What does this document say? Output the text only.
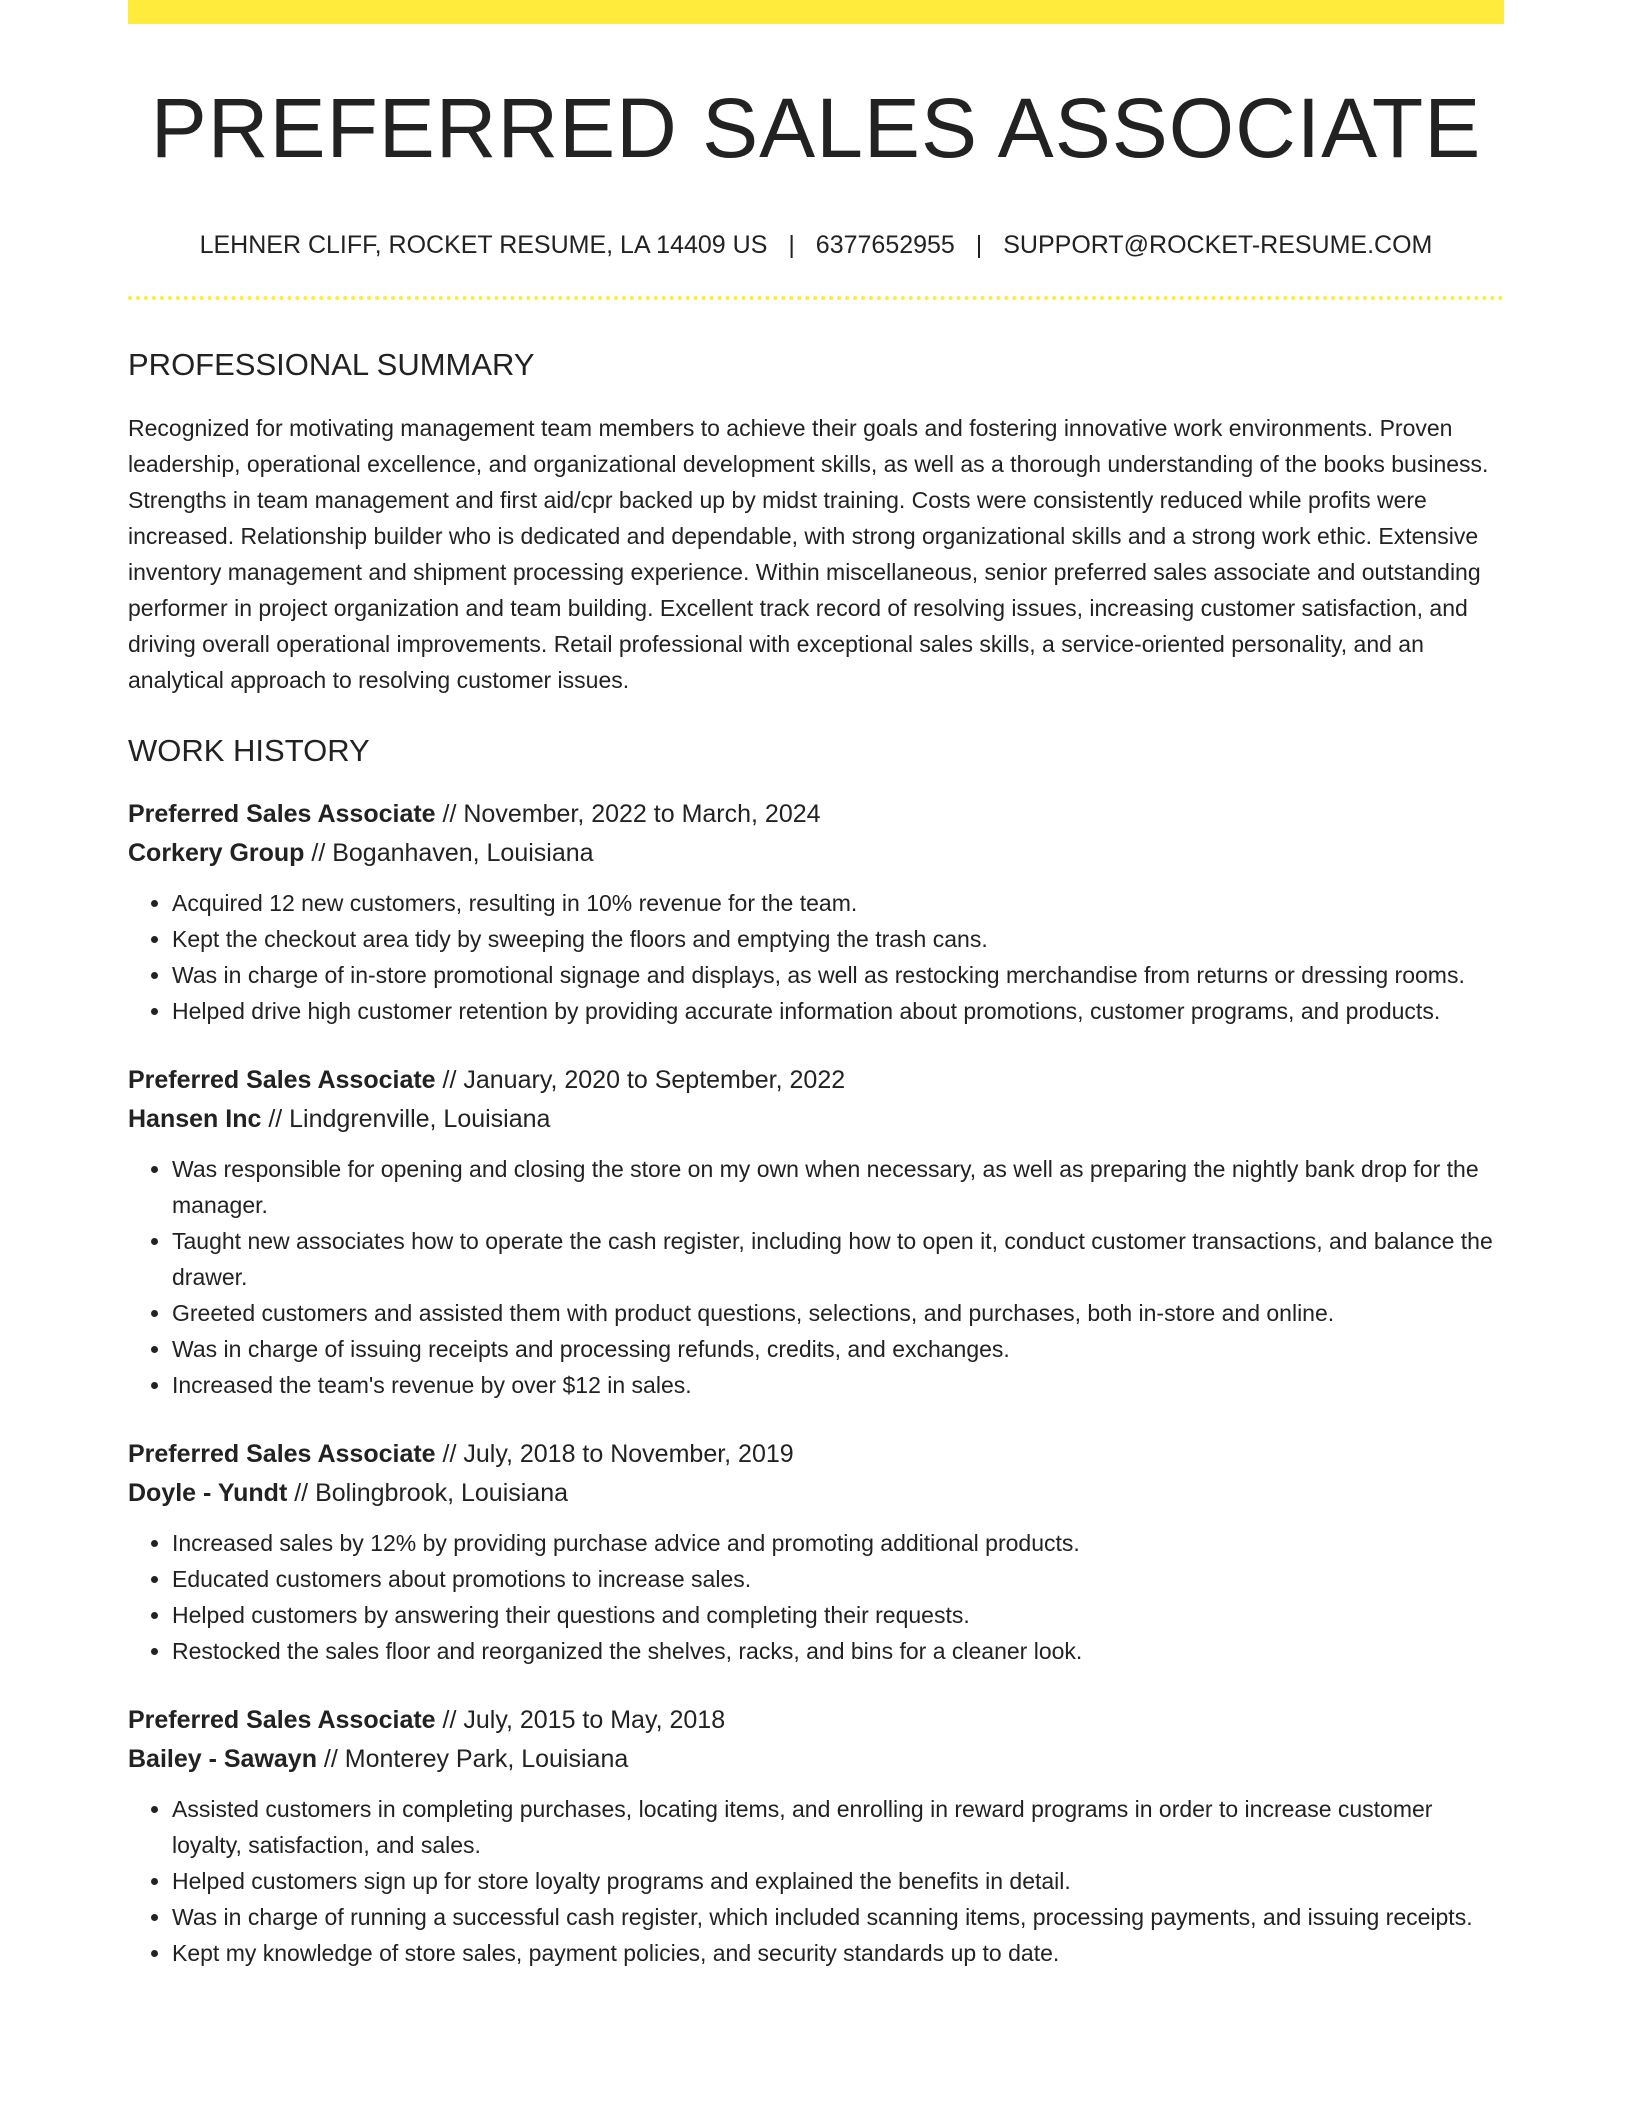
PREFERRED SALES ASSOCIATE
LEHNER CLIFF, ROCKET RESUME, LA 14409 US | 6377652955 | SUPPORT@ROCKET-RESUME.COM
PROFESSIONAL SUMMARY

Recognized for motivating management team members to achieve their goals and fostering innovative work environments. Proven leadership, operational excellence, and organizational development skills, as well as a thorough understanding of the books business. Strengths in team management and first aid/cpr backed up by midst training. Costs were consistently reduced while profits were increased. Relationship builder who is dedicated and dependable, with strong organizational skills and a strong work ethic. Extensive inventory management and shipment processing experience. Within miscellaneous, senior preferred sales associate and outstanding performer in project organization and team building. Excellent track record of resolving issues, increasing customer satisfaction, and driving overall operational improvements. Retail professional with exceptional sales skills, a service-oriented personality, and an analytical approach to resolving customer issues.

WORK HISTORY
Preferred Sales Associate // November, 2022 to March, 2024
Corkery Group // Boganhaven, Louisiana
• Acquired 12 new customers, resulting in 10% revenue for the team.
• Kept the checkout area tidy by sweeping the floors and emptying the trash cans.
• Was in charge of in-store promotional signage and displays, as well as restocking merchandise from returns or dressing rooms.
• Helped drive high customer retention by providing accurate information about promotions, customer programs, and products.
Preferred Sales Associate // January, 2020 to September, 2022
Hansen Inc // Lindgrenville, Louisiana
• Was responsible for opening and closing the store on my own when necessary, as well as preparing the nightly bank drop for the manager.
• Taught new associates how to operate the cash register, including how to open it, conduct customer transactions, and balance the drawer.
• Greeted customers and assisted them with product questions, selections, and purchases, both in-store and online.
• Was in charge of issuing receipts and processing refunds, credits, and exchanges.
• Increased the team's revenue by over $12 in sales.
Preferred Sales Associate // July, 2018 to November, 2019
Doyle - Yundt // Bolingbrook, Louisiana
• Increased sales by 12% by providing purchase advice and promoting additional products.
• Educated customers about promotions to increase sales.
• Helped customers by answering their questions and completing their requests.
• Restocked the sales floor and reorganized the shelves, racks, and bins for a cleaner look.
Preferred Sales Associate // July, 2015 to May, 2018
Bailey - Sawayn // Monterey Park, Louisiana
• Assisted customers in completing purchases, locating items, and enrolling in reward programs in order to increase customer loyalty, satisfaction, and sales.
• Helped customers sign up for store loyalty programs and explained the benefits in detail.
• Was in charge of running a successful cash register, which included scanning items, processing payments, and issuing receipts.
• Kept my knowledge of store sales, payment policies, and security standards up to date.
